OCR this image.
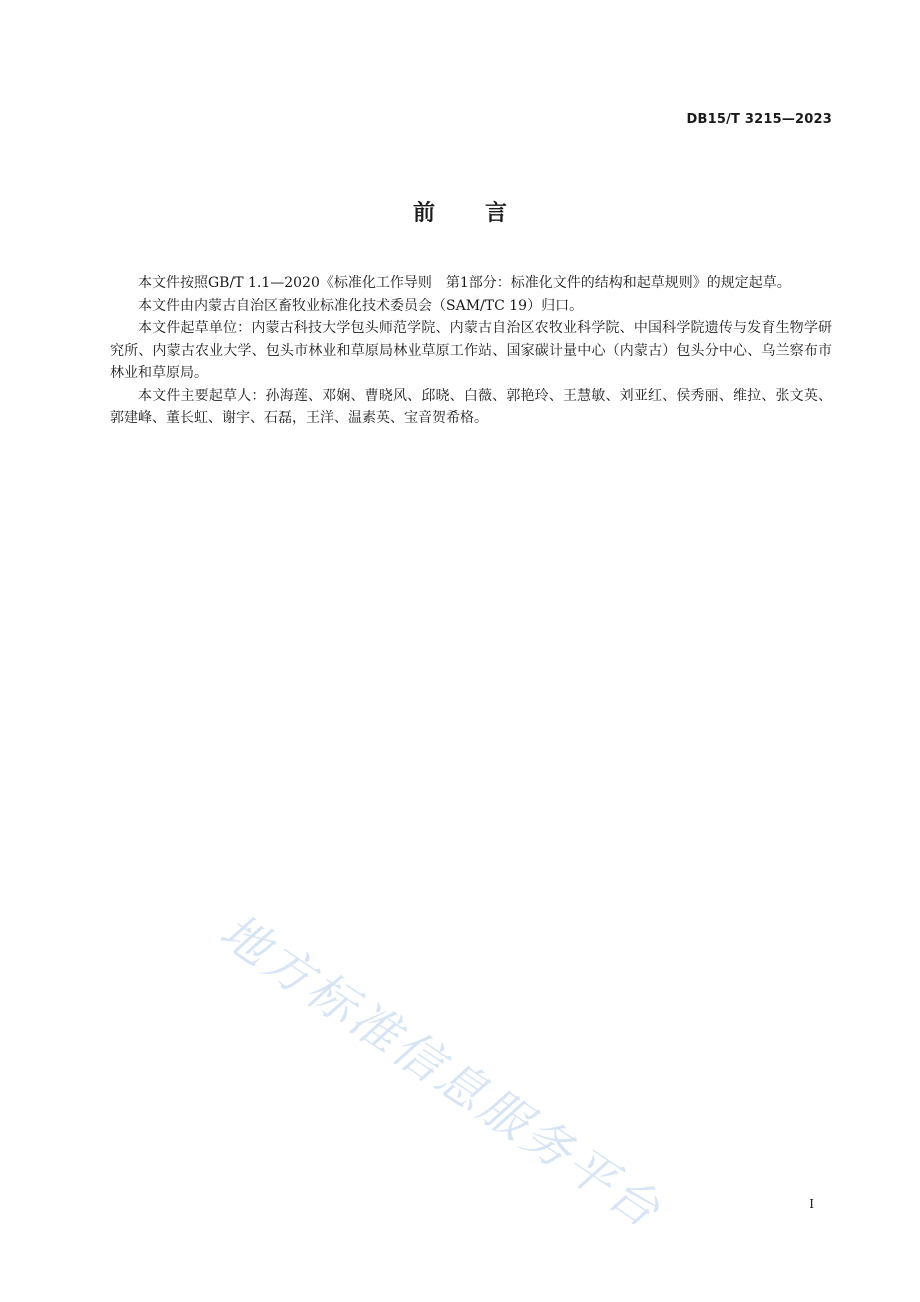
DB15/T 3215—2023
前言

本文件按照GB/T 1.1—2020《标准化工作导则　第1部分：标准化文件的结构和起草规则》的规定起草。

本文件由内蒙古自治区畜牧业标准化技术委员会（SAM/TC 19）归口。

本文件起草单位：内蒙古科技大学包头师范学院、内蒙古自治区农牧业科学院、中国科学院遗传与发育生物学研究所、内蒙古农业大学、包头市林业和草原局林业草原工作站、国家碳计量中心（内蒙古）包头分中心、乌兰察布市林业和草原局。

本文件主要起草人：孙海莲、邓娴、曹晓风、邱晓、白薇、郭艳玲、王慧敏、刘亚红、侯秀丽、维拉、张文英、郭建峰、董长虹、谢宇、石磊，王洋、温素英、宝音贺希格。

地方标准信息服务平台	I
